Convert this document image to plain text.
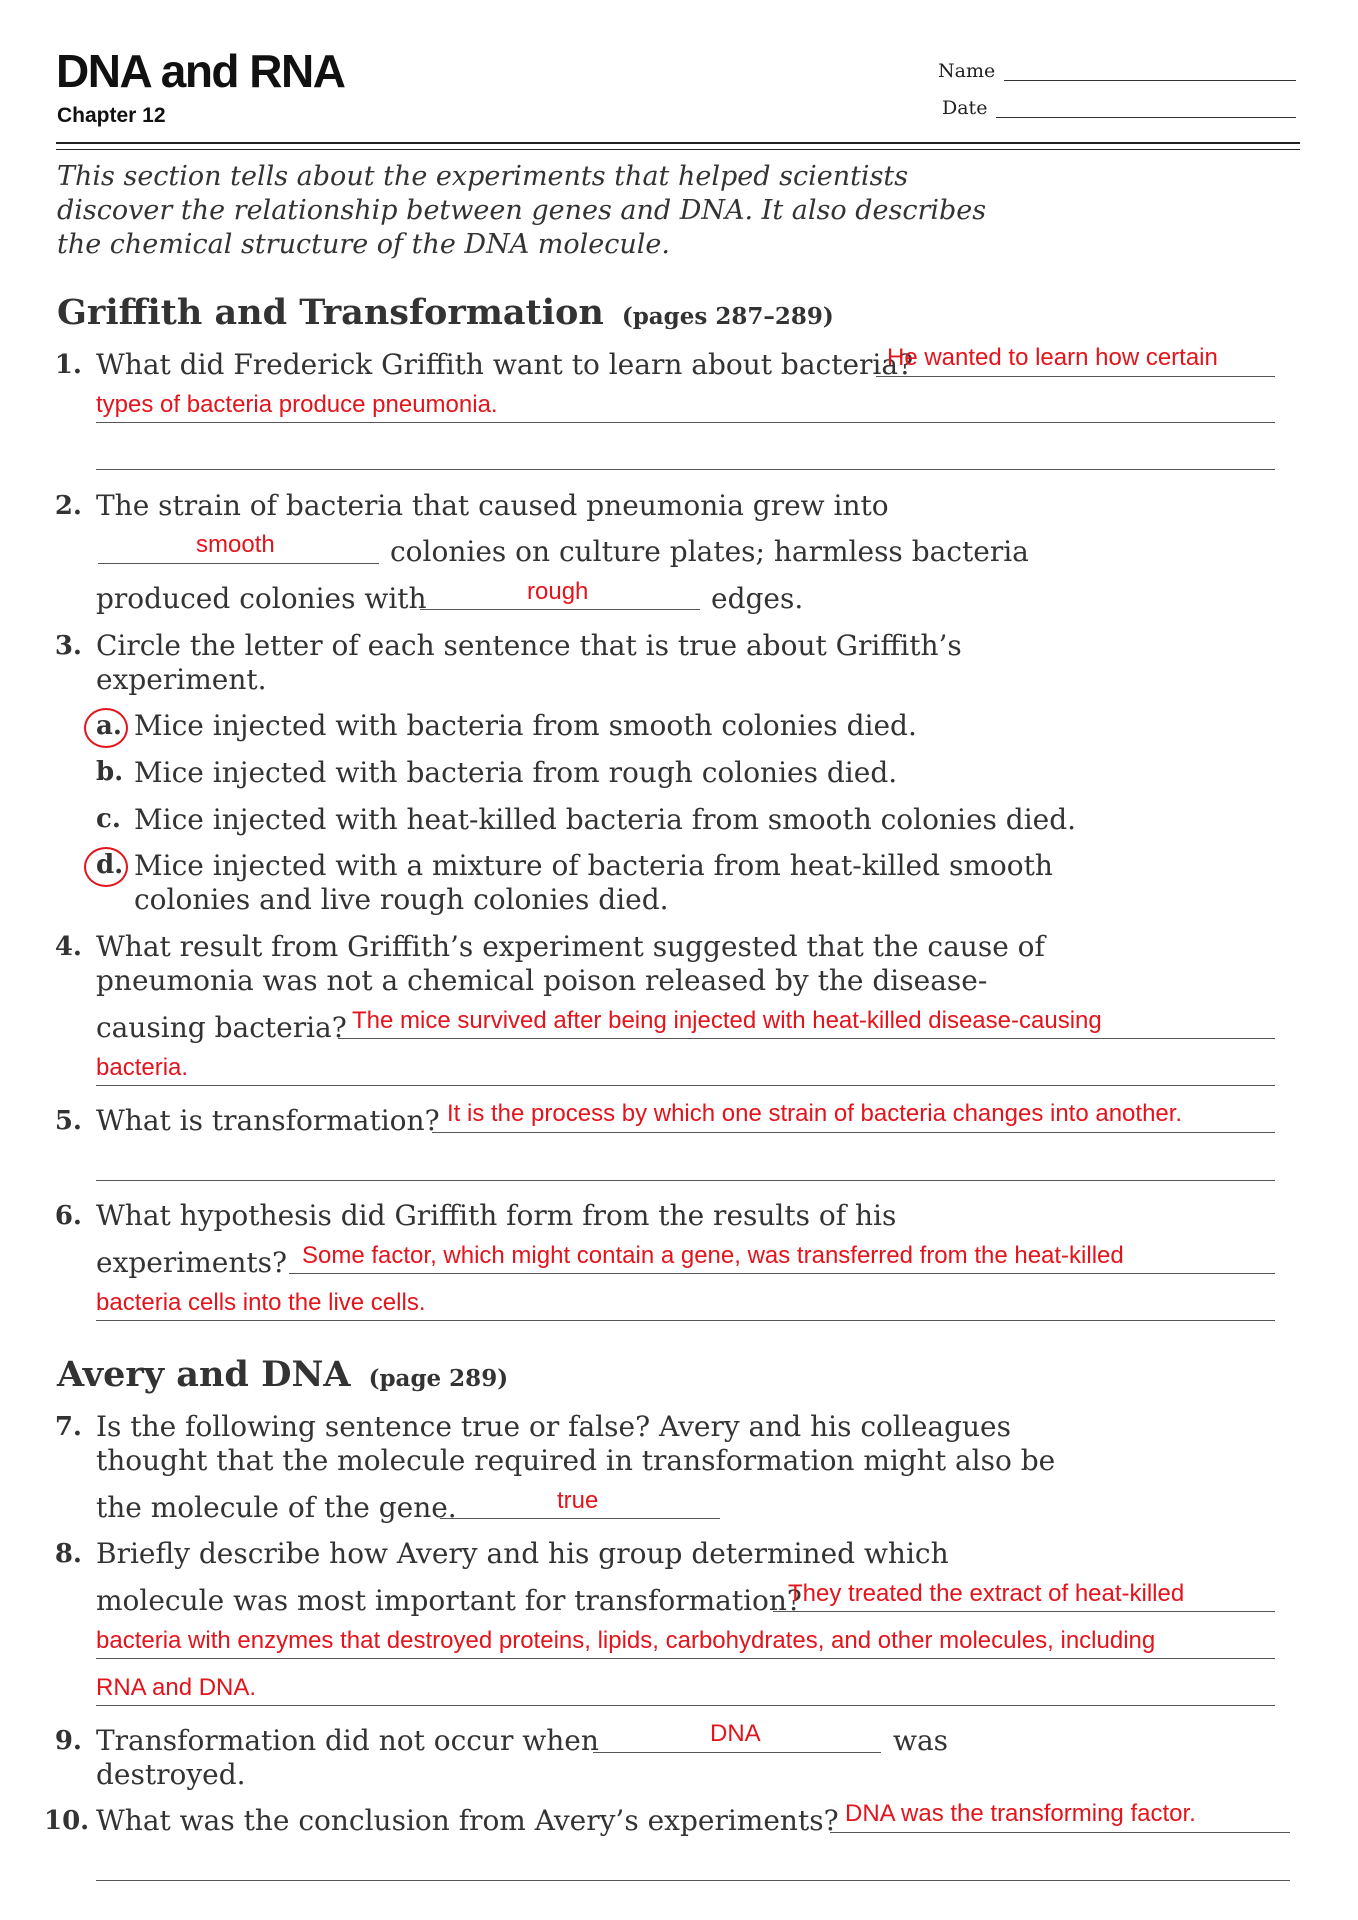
DNA and RNA
Chapter 12
Name
Date
This section tells about the experiments that helped scientists discover the relationship between genes and DNA. It also describes the chemical structure of the DNA molecule.
Griffith and Transformation (pages 287–289)
1. What did Frederick Griffith want to learn about bacteria?
He wanted to learn how certain
types of bacteria produce pneumonia.
2. The strain of bacteria that caused pneumonia grew into
smooth	colonies on culture plates; harmless bacteria
produced colonies with	rough	edges.
3. Circle the letter of each sentence that is true about Griffith’s
experiment.
a. Mice injected with bacteria from smooth colonies died.
b. Mice injected with bacteria from rough colonies died.
c. Mice injected with heat-killed bacteria from smooth colonies died.
d. Mice injected with a mixture of bacteria from heat-killed smooth
colonies and live rough colonies died.
4. What result from Griffith’s experiment suggested that the cause of
pneumonia was not a chemical poison released by the disease-
causing bacteria? The mice survived after being injected with heat-killed disease-causing
bacteria.
5. What is transformation? It is the process by which one strain of bacteria changes into another.
6. What hypothesis did Griffith form from the results of his
experiments? Some factor, which might contain a gene, was transferred from the heat-killed
bacteria cells into the live cells.
Avery and DNA (page 289)
7. Is the following sentence true or false? Avery and his colleagues
thought that the molecule required in transformation might also be
the molecule of the gene.	true
8. Briefly describe how Avery and his group determined which
molecule was most important for transformation?
They treated the extract of heat-killed
bacteria with enzymes that destroyed proteins, lipids, carbohydrates, and other molecules, including
RNA and DNA.
9. Transformation did not occur when	DNA	was
destroyed.
10. What was the conclusion from Avery’s experiments? DNA was the transforming factor.
